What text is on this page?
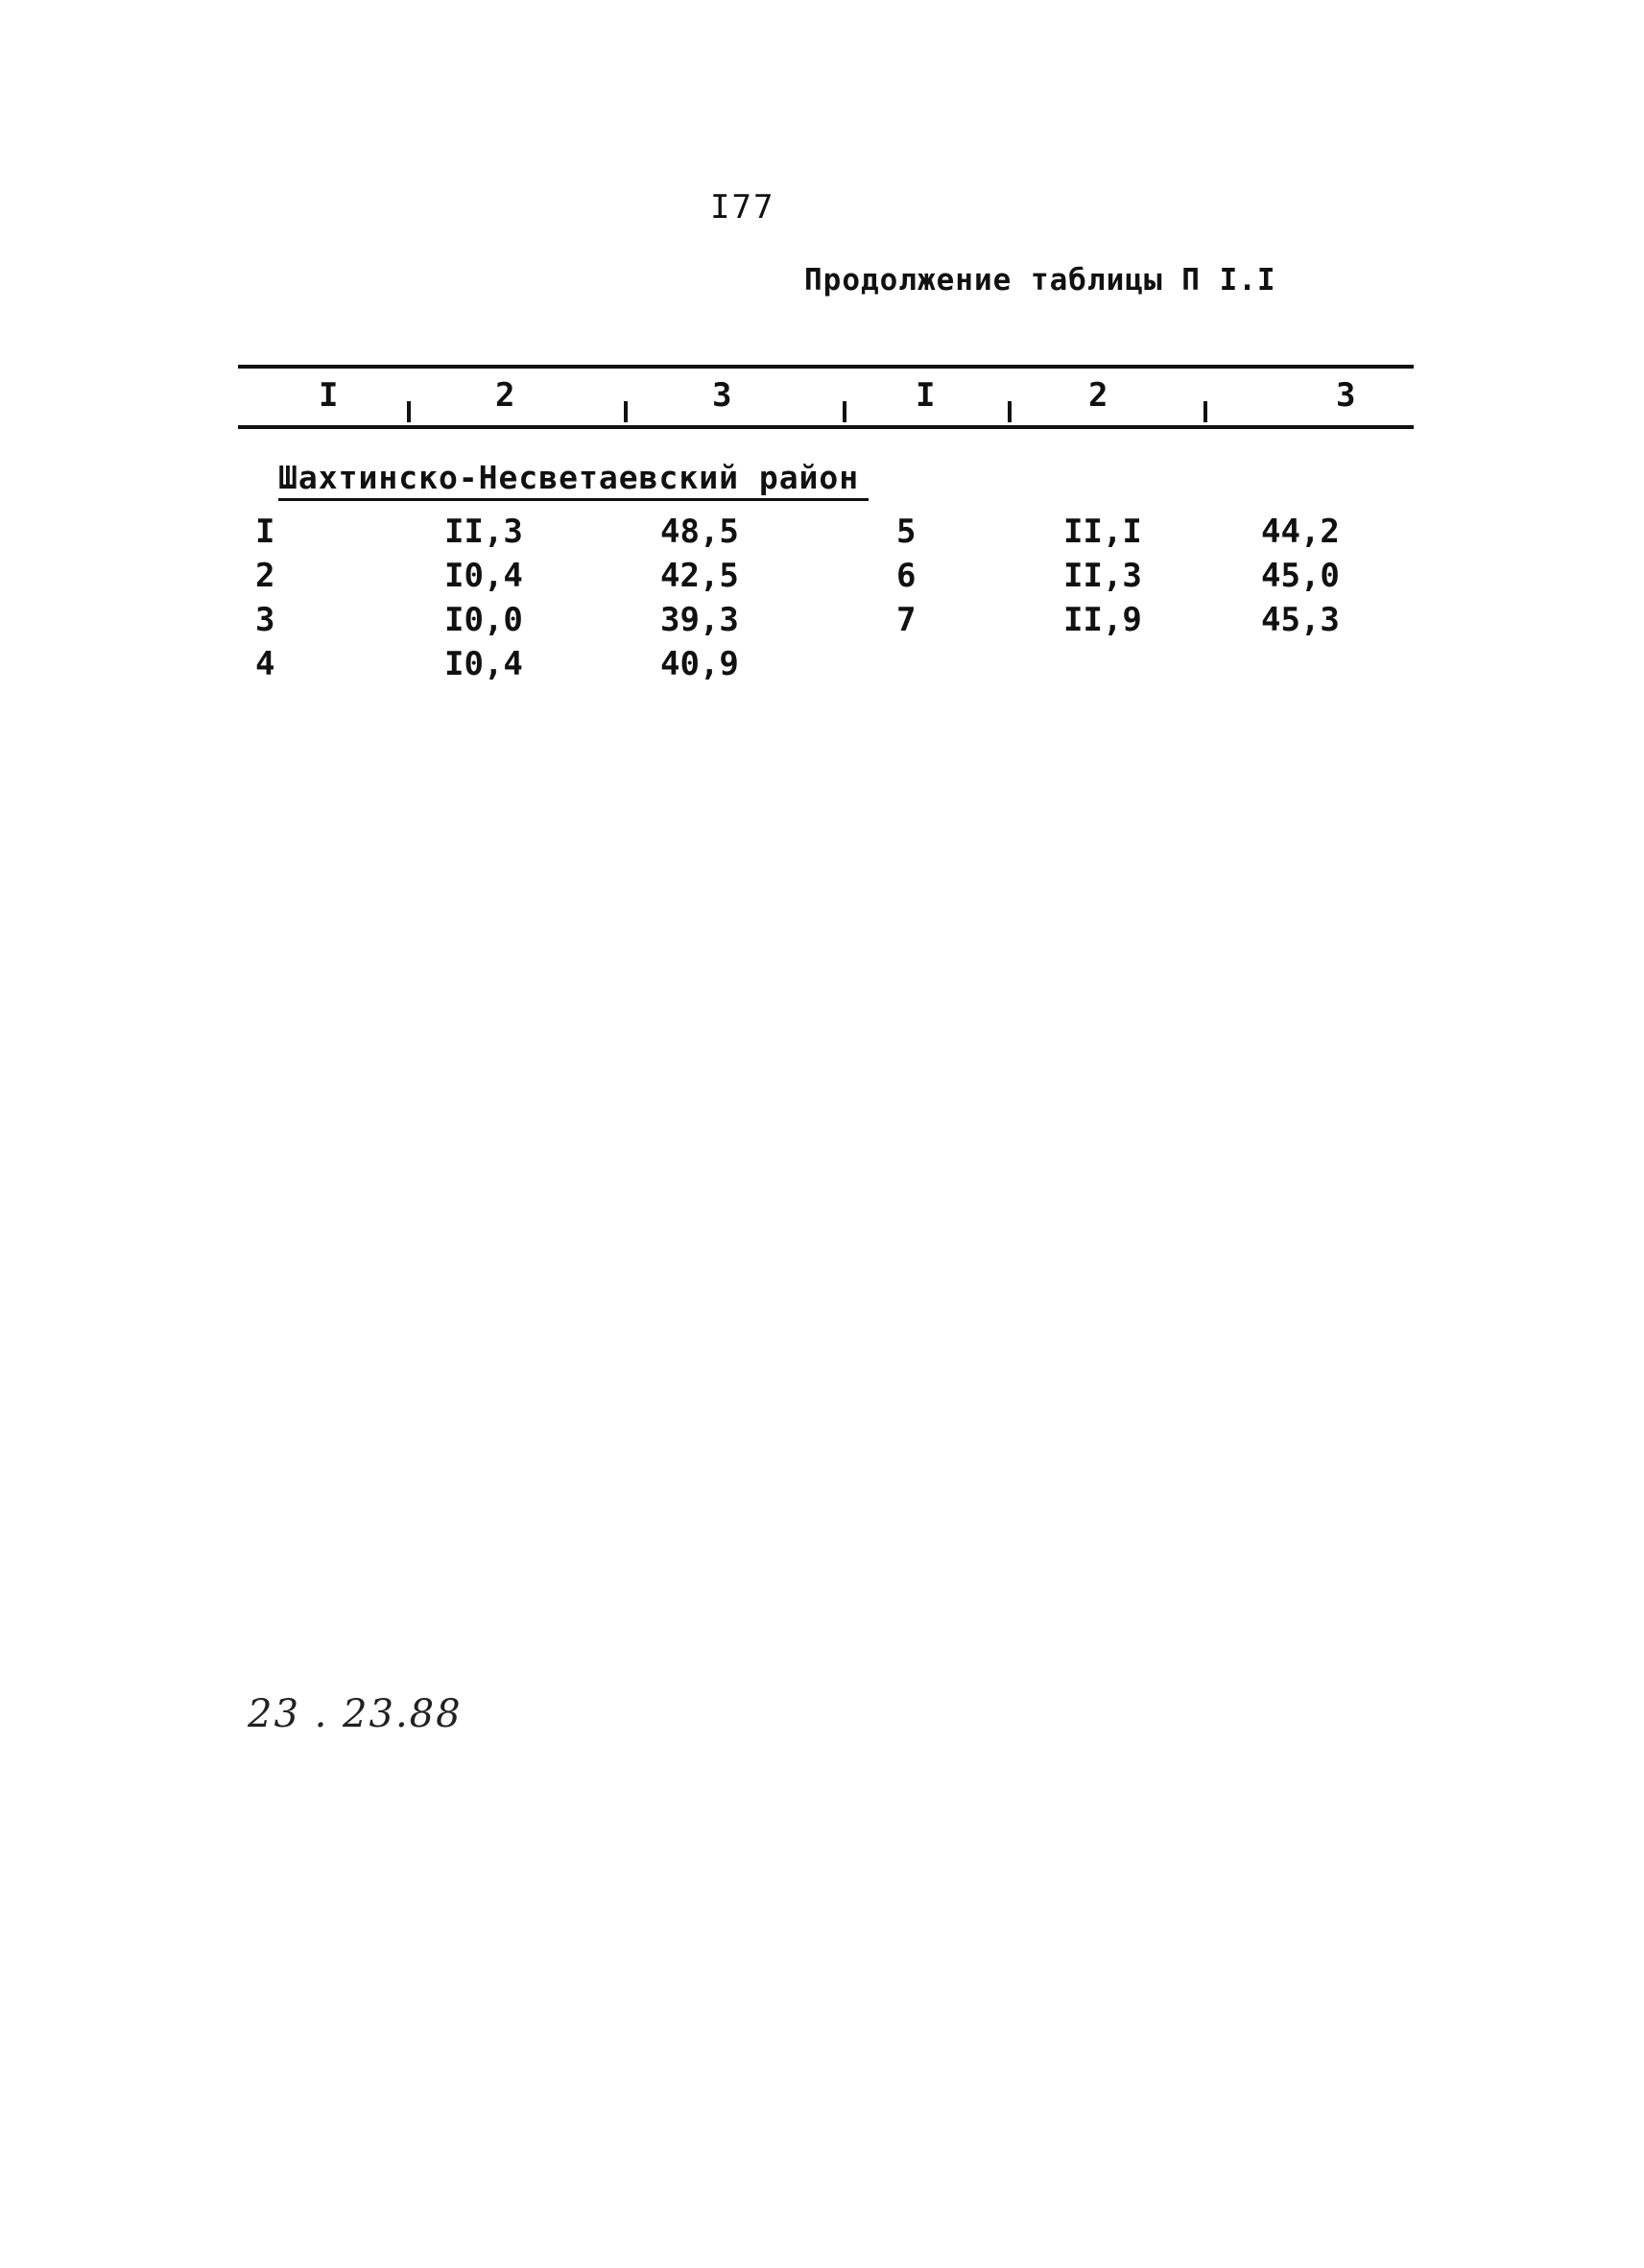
I77
Продолжение таблицы П I.I
I	2	3	I	2	3
Шахтинско-Несветаевский район
I	II,3	48,5	5	II,I	44,2
2	I0,4	42,5	6	II,3	45,0
3	I0,0	39,3	7	II,9	45,3
4	I0,4	40,9
23 . 23.88
